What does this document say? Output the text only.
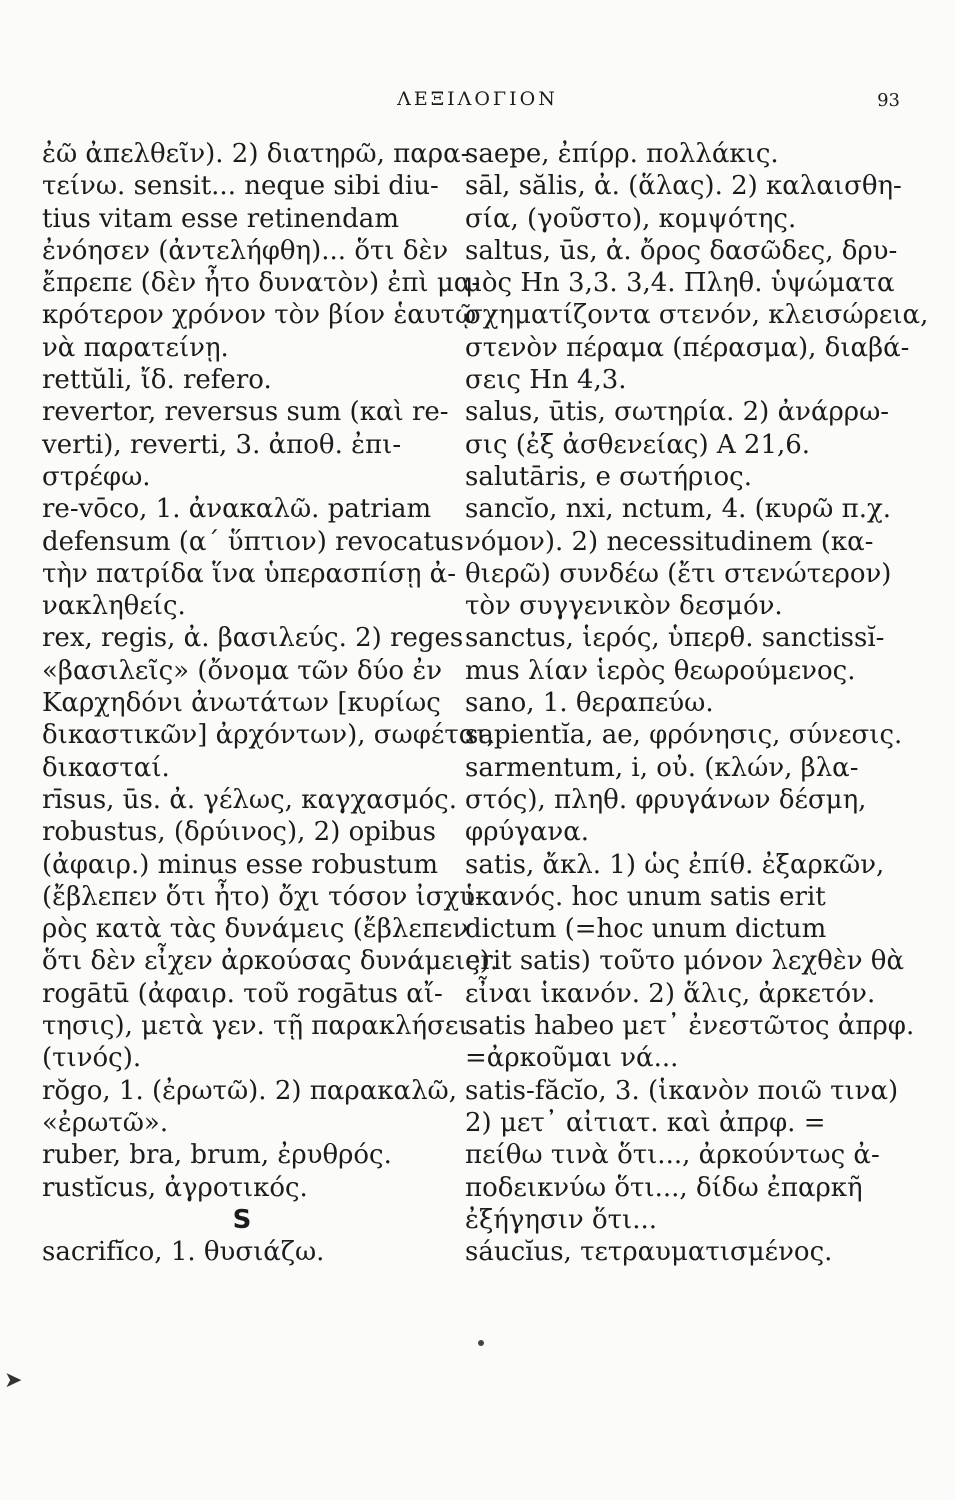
ΛΕΞΙΛΟΓΙΟΝ	93
ἐῶ ἀπελθεῖν). 2) διατηρῶ, παρα-
τείνω. sensit... neque sibi diu-
tius vitam esse retinendam
ἐνόησεν (ἀντελήφθη)... ὅτι δὲν
ἔπρεπε (δὲν ἦτο δυνατὸν) ἐπὶ μα-
κρότερον χρόνον τὸν βίον ἑαυτῷ
νὰ παρατείνῃ.
rettŭli, ἴδ. refero.
revertor, reversus sum (καὶ re-
verti), reverti, 3. ἀποθ. ἐπι-
στρέφω.
re-vōco, 1. ἀνακαλῶ. patriam
defensum (α΄ ὕπτιον) revocatus
τὴν πατρίδα ἵνα ὑπερασπίσῃ ἀ-
νακληθείς.
rex, regis, ἀ. βασιλεύς. 2) reges
«βασιλεῖς» (ὄνομα τῶν δύο ἐν
Καρχηδόνι ἀνωτάτων [κυρίως
δικαστικῶν] ἀρχόντων), σωφέται,
δικασταί.
rīsus, ūs. ἀ. γέλως, καγχασμός.
robustus, (δρύινος), 2) opibus
(ἀφαιρ.) minus esse robustum
(ἔβλεπεν ὅτι ἦτο) ὄχι τόσον ἰσχυ-
ρὸς κατὰ τὰς δυνάμεις (ἔβλεπεν
ὅτι δὲν εἶχεν ἀρκούσας δυνάμεις).
rogātū (ἀφαιρ. τοῦ rogātus αἴ-
τησις), μετὰ γεν. τῇ παρακλήσει
(τινός).
rŏgo, 1. (ἐρωτῶ). 2) παρακαλῶ,
«ἐρωτῶ».
ruber, bra, brum, ἐρυθρός.
rustĭcus, ἀγροτικός.
S
sacrifĭco, 1. θυσιάζω.
saepe, ἐπίρρ. πολλάκις.
sāl, sălis, ἀ. (ἅλας). 2) καλαισθη-
σία, (γοῦστο), κομψότης.
saltus, ūs, ἀ. ὄρος δασῶδες, δρυ-
μὸς Hn 3,3. 3,4. Πληθ. ὑψώματα
σχηματίζοντα στενόν, κλεισώρεια,
στενὸν πέραμα (πέρασμα), διαβά-
σεις Hn 4,3.
salus, ūtis, σωτηρία. 2) ἀνάρρω-
σις (ἐξ ἀσθενείας) A 21,6.
salutāris, e σωτήριος.
sancĭo, nxi, nctum, 4. (κυρῶ π.χ.
νόμον). 2) necessitudinem (κα-
θιερῶ) συνδέω (ἔτι στενώτερον)
τὸν συγγενικὸν δεσμόν.
sanctus, ἱερός, ὑπερθ. sanctissĭ-
mus λίαν ἱερὸς θεωρούμενος.
sano, 1. θεραπεύω.
sapientĭa, ae, φρόνησις, σύνεσις.
sarmentum, i, οὐ. (κλών, βλα-
στός), πληθ. φρυγάνων δέσμη,
φρύγανα.
satis, ἄκλ. 1) ὡς ἐπίθ. ἐξαρκῶν,
ἱκανός. hoc unum satis erit
dictum (=hoc unum dictum
erit satis) τοῦτο μόνον λεχθὲν θὰ
εἶναι ἱκανόν. 2) ἅλις, ἀρκετόν.
satis habeo μετ᾽ ἐνεστῶτος ἀπρφ.
=ἀρκοῦμαι νά...
satis-făcĭo, 3. (ἱκανὸν ποιῶ τινα)
2) μετ᾽ αἰτιατ. καὶ ἀπρφ. =
πείθω τινὰ ὅτι..., ἀρκούντως ἀ-
ποδεικνύω ὅτι..., δίδω ἐπαρκῆ
ἐξήγησιν ὅτι...
sáucĭus, τετραυματισμένος.
➤
